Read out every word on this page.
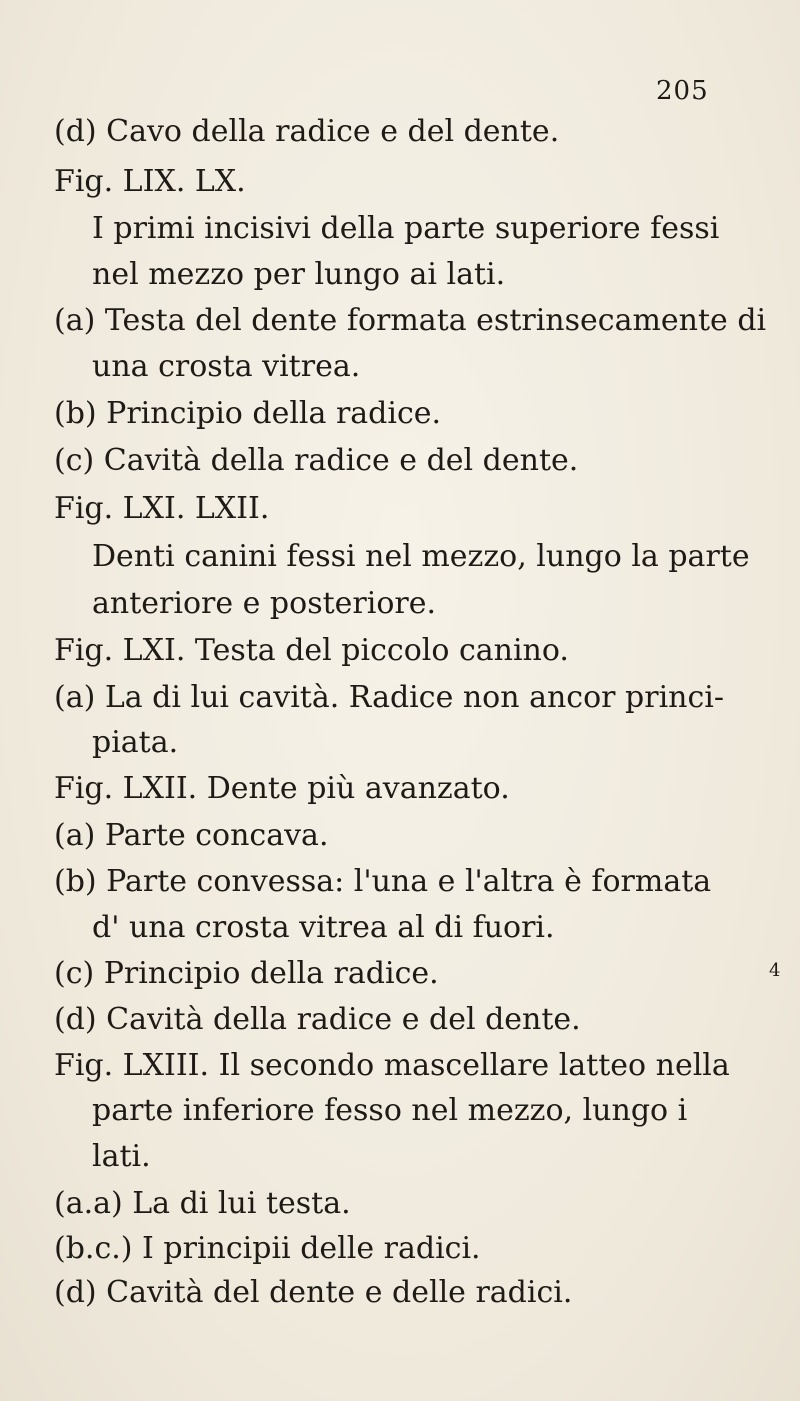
205
(d) Cavo della radice e del dente.
Fig. LIX. LX.
I primi incisivi della parte superiore fessi
nel mezzo per lungo ai lati.
(a) Testa del dente formata estrinsecamente di
una crosta vitrea.
(b) Principio della radice.
(c) Cavità della radice e del dente.
Fig. LXI. LXII.
Denti canini fessi nel mezzo, lungo la parte
anteriore e posteriore.
Fig. LXI. Testa del piccolo canino.
(a) La di lui cavità. Radice non ancor princi-
piata.
Fig. LXII. Dente più avanzato.
(a) Parte concava.
(b) Parte convessa: l'una e l'altra è formata
d' una crosta vitrea al di fuori.
(c) Principio della radice.
(d) Cavità della radice e del dente.
Fig. LXIII. Il secondo mascellare latteo nella
parte inferiore fesso nel mezzo, lungo i
lati.
(a.a) La di lui testa.
(b.c.) I principii delle radici.
(d) Cavità del dente e delle radici.
4
